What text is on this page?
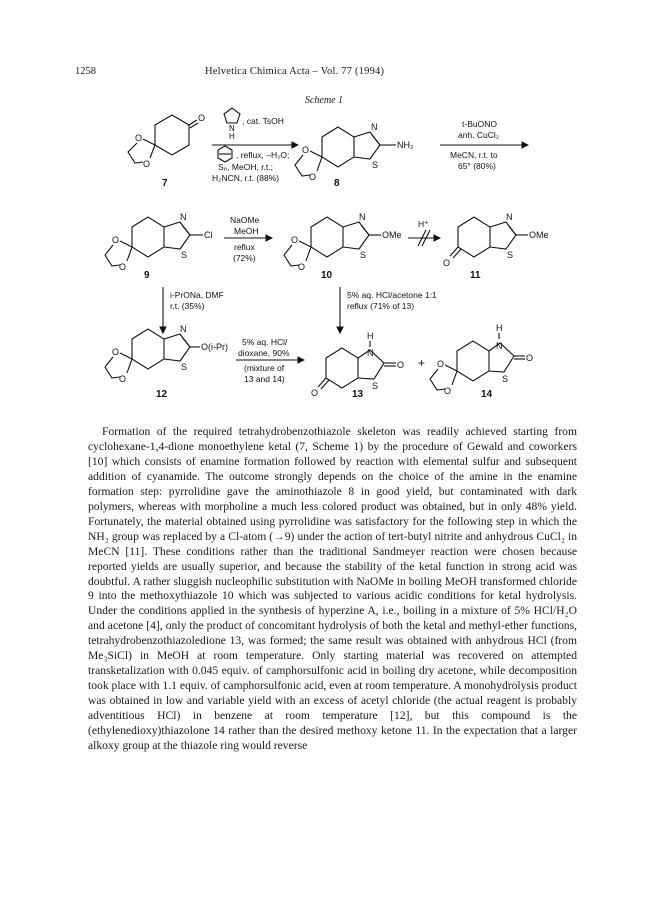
1258	Helvetica Chimica Acta – Vol. 77 (1994)
Scheme 1
O
O
O
7
N
H
, cat. TsOH
, reflux, –H₂O;
S₈, MeOH, r.t.;
H₂NCN, r.t. (88%)
N
S
NH₂
O
O
8
t-BuONO
anh. CuCl₂
MeCN, r.t. to
65° (80%)
N
S
Cl
O
O
9
NaOMe
MeOH
reflux
(72%)
N
S
OMe
O
O
10
H⁺
N
S
OMe
O
11
i-PrONa, DMF
r.t. (35%)
5% aq. HCl/acetone 1:1
reflux (71% of 13)
N
S
O(i-Pr)
O
O
12
5% aq. HCl/
dioxane, 90%
(mixture of
13 and 14)
H
N
S
O
O	13
+
H
N
S
O
O
O	14

Formation of the required tetrahydrobenzothiazole skeleton was readily achieved starting from cyclohexane-1,4-dione monoethylene ketal (7, Scheme 1) by the procedure of Gewald and coworkers [10] which consists of enamine formation followed by reaction with elemental sulfur and subsequent addition of cyanamide. The outcome strongly depends on the choice of the amine in the enamine formation step: pyrrolidine gave the aminothiazole 8 in good yield, but contaminated with dark polymers, whereas with morpholine a much less colored product was obtained, but in only 48% yield. Fortunately, the material obtained using pyrrolidine was satisfactory for the following step in which the NH₂ group was replaced by a Cl-atom (→9) under the action of tert-butyl nitrite and anhydrous CuCl₂ in MeCN [11]. These conditions rather than the traditional Sandmeyer reaction were chosen because reported yields are usually superior, and because the stability of the ketal function in strong acid was doubtful. A rather sluggish nucleophilic substitution with NaOMe in boiling MeOH transformed chloride 9 into the methoxythiazole 10 which was subjected to various acidic conditions for ketal hydrolysis. Under the conditions applied in the synthesis of hyperzine A, i.e., boiling in a mixture of 5% HCl/H₂O and acetone [4], only the product of concomitant hydrolysis of both the ketal and methyl-ether functions, tetrahydrobenzothiazoledione 13, was formed; the same result was obtained with anhydrous HCl (from Me₃SiCl) in MeOH at room temperature. Only starting material was recovered on attempted transketalization with 0.045 equiv. of camphorsulfonic acid in boiling dry acetone, while decomposition took place with 1.1 equiv. of camphorsulfonic acid, even at room temperature. A monohydrolysis product was obtained in low and variable yield with an excess of acetyl chloride (the actual reagent is probably adventitious HCl) in benzene at room temperature [12], but this compound is the (ethylenedioxy)thiazolone 14 rather than the desired methoxy ketone 11. In the expectation that a larger alkoxy group at the thiazole ring would reverse
